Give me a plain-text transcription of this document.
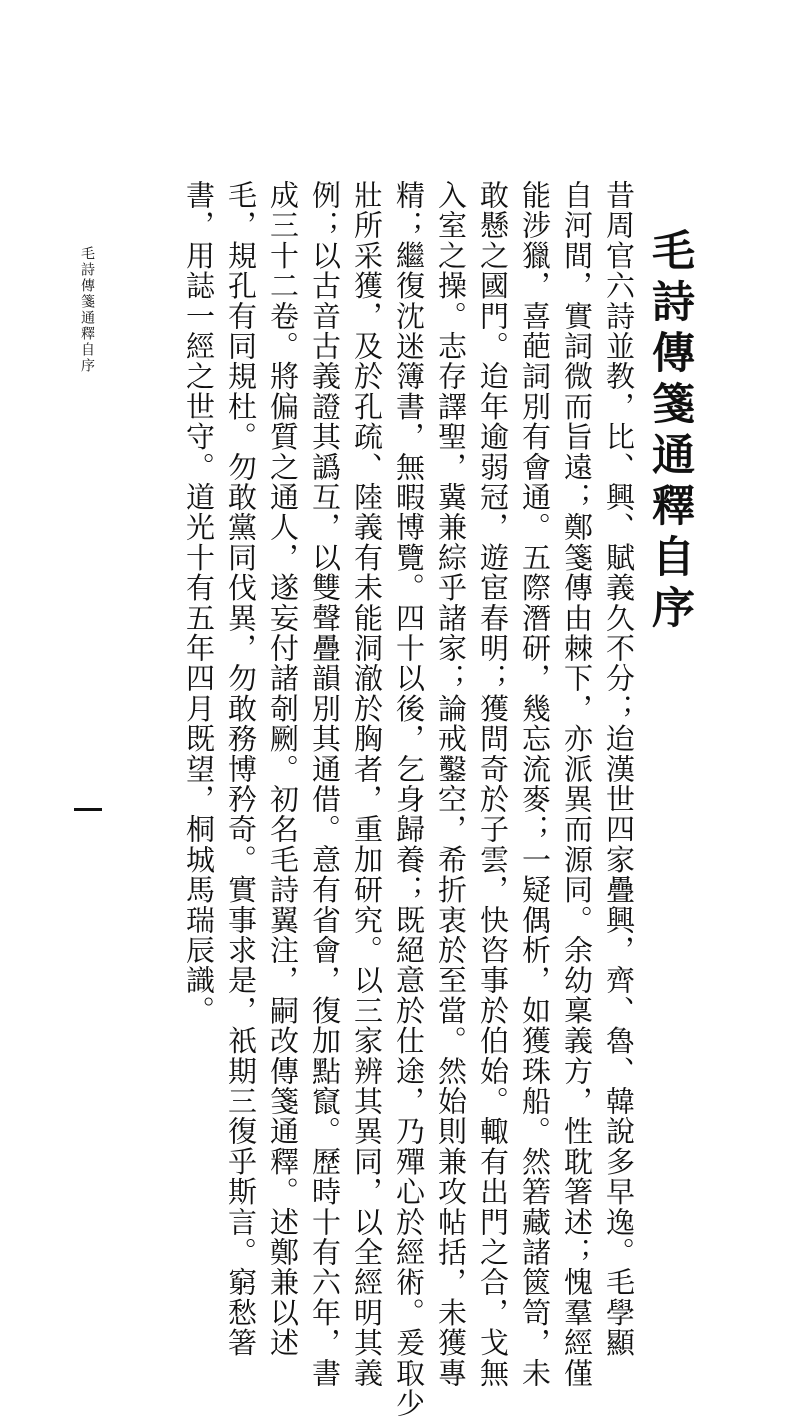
毛詩傳箋通釋自序
昔周官六詩並教，比、興、賦義久不分；迨漢世四家疊興，齊、魯、韓說多早逸。毛學顯
自河間，實詞微而旨遠；鄭箋傳由棘下，亦派異而源同。余幼稟義方，性耽箸述；愧羣經僅
能涉獵，喜葩詞別有會通。五際潛研，幾忘流麥；一疑偶析，如獲珠船。然箬藏諸篋笥，未
敢懸之國門。迨年逾弱冠，遊宦春明；獲問奇於子雲，快咨事於伯始。輙有出門之合，戈無
入室之操。志存譯聖，冀兼綜乎諸家；論戒鑿空，希折衷於至當。然始則兼攻帖括，未獲專
精；繼復沈迷簿書，無暇博覽。四十以後，乞身歸養；既絕意於仕途，乃殫心於經術。爰取少
壯所采獲，及於孔疏、陸義有未能洞澈於胸者，重加研究。以三家辨其異同，以全經明其義
例；以古音古義證其譌互，以雙聲疊韻別其通借。意有省會，復加點竄。歷時十有六年，書
成三十二卷。將偏質之通人，遂妄付諸剞劂。初名毛詩翼注，嗣改傳箋通釋。述鄭兼以述
毛，規孔有同規杜。勿敢黨同伐異，勿敢務博矜奇。實事求是，祇期三復乎斯言。窮愁箸
書，用誌一經之世守。道光十有五年四月既望，桐城馬瑞辰識。
毛詩傳箋通釋自序
